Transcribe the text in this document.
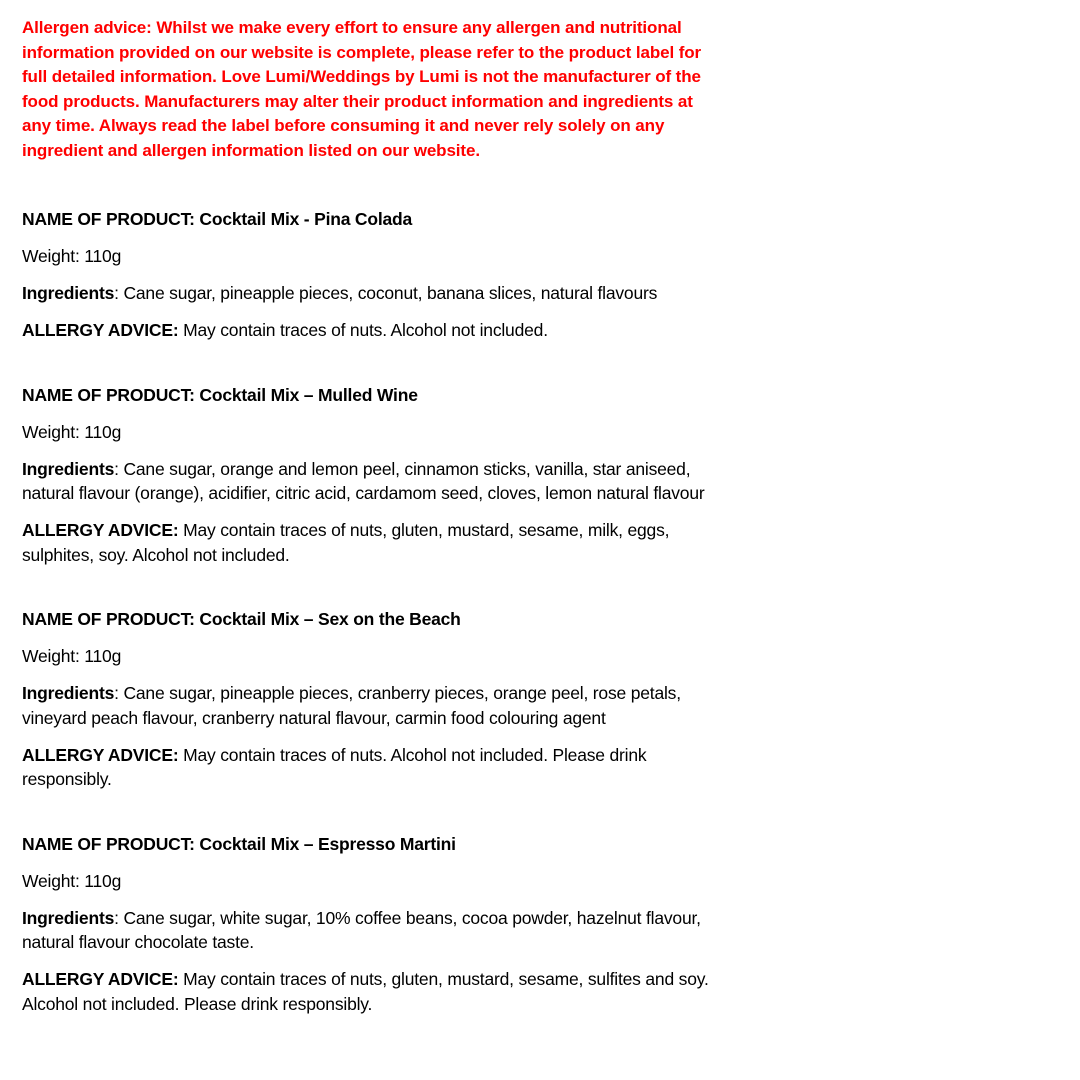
Allergen advice: Whilst we make every effort to ensure any allergen and nutritional information provided on our website is complete, please refer to the product label for full detailed information. Love Lumi/Weddings by Lumi is not the manufacturer of the food products. Manufacturers may alter their product information and ingredients at any time. Always read the label before consuming it and never rely solely on any ingredient and allergen information listed on our website.

NAME OF PRODUCT: Cocktail Mix - Pina Colada

Weight: 110g

Ingredients: Cane sugar, pineapple pieces, coconut, banana slices, natural flavours

ALLERGY ADVICE: May contain traces of nuts. Alcohol not included.

NAME OF PRODUCT: Cocktail Mix – Mulled Wine

Weight: 110g

Ingredients: Cane sugar, orange and lemon peel, cinnamon sticks, vanilla, star aniseed, natural flavour (orange), acidifier, citric acid, cardamom seed, cloves, lemon natural flavour

ALLERGY ADVICE: May contain traces of nuts, gluten, mustard, sesame, milk, eggs, sulphites, soy. Alcohol not included.

NAME OF PRODUCT: Cocktail Mix – Sex on the Beach

Weight: 110g

Ingredients: Cane sugar, pineapple pieces, cranberry pieces, orange peel, rose petals, vineyard peach flavour, cranberry natural flavour, carmin food colouring agent

ALLERGY ADVICE: May contain traces of nuts. Alcohol not included. Please drink responsibly.

NAME OF PRODUCT: Cocktail Mix – Espresso Martini

Weight: 110g

Ingredients: Cane sugar, white sugar, 10% coffee beans, cocoa powder, hazelnut flavour, natural flavour chocolate taste.

ALLERGY ADVICE: May contain traces of nuts, gluten, mustard, sesame, sulfites and soy. Alcohol not included. Please drink responsibly.
